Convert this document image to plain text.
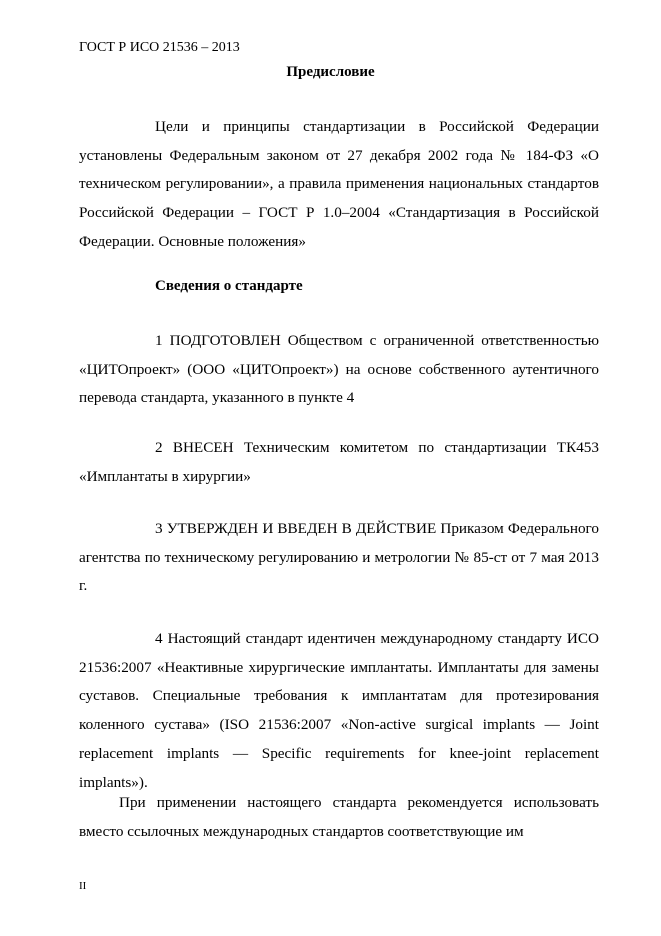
ГОСТ Р ИСО 21536 – 2013
Предисловие

Цели и принципы стандартизации в Российской Федерации установлены Федеральным законом от 27 декабря 2002 года № 184-ФЗ «О техническом регулировании», а правила применения национальных стандартов Российской Федерации – ГОСТ Р 1.0–2004 «Стандартизация в Российской Федерации. Основные положения»

Сведения о стандарте

1 ПОДГОТОВЛЕН Обществом с ограниченной ответственностью «ЦИТОпроект» (ООО «ЦИТОпроект») на основе собственного аутентичного перевода стандарта, указанного в пункте 4

2 ВНЕСЕН Техническим комитетом по стандартизации ТК453 «Имплантаты в хирургии»

3 УТВЕРЖДЕН И ВВЕДЕН В ДЕЙСТВИЕ Приказом Федерального агентства по техническому регулированию и метрологии № 85-ст от 7 мая 2013 г.

4 Настоящий стандарт идентичен международному стандарту ИСО 21536:2007 «Неактивные хирургические имплантаты. Имплантаты для замены суставов. Специальные требования к имплантатам для протезирования коленного сустава» (ISO 21536:2007 «Non-active surgical implants — Joint replacement implants — Specific requirements for knee-joint replacement implants»).

При применении настоящего стандарта рекомендуется использовать вместо ссылочных международных стандартов соответствующие им

II
